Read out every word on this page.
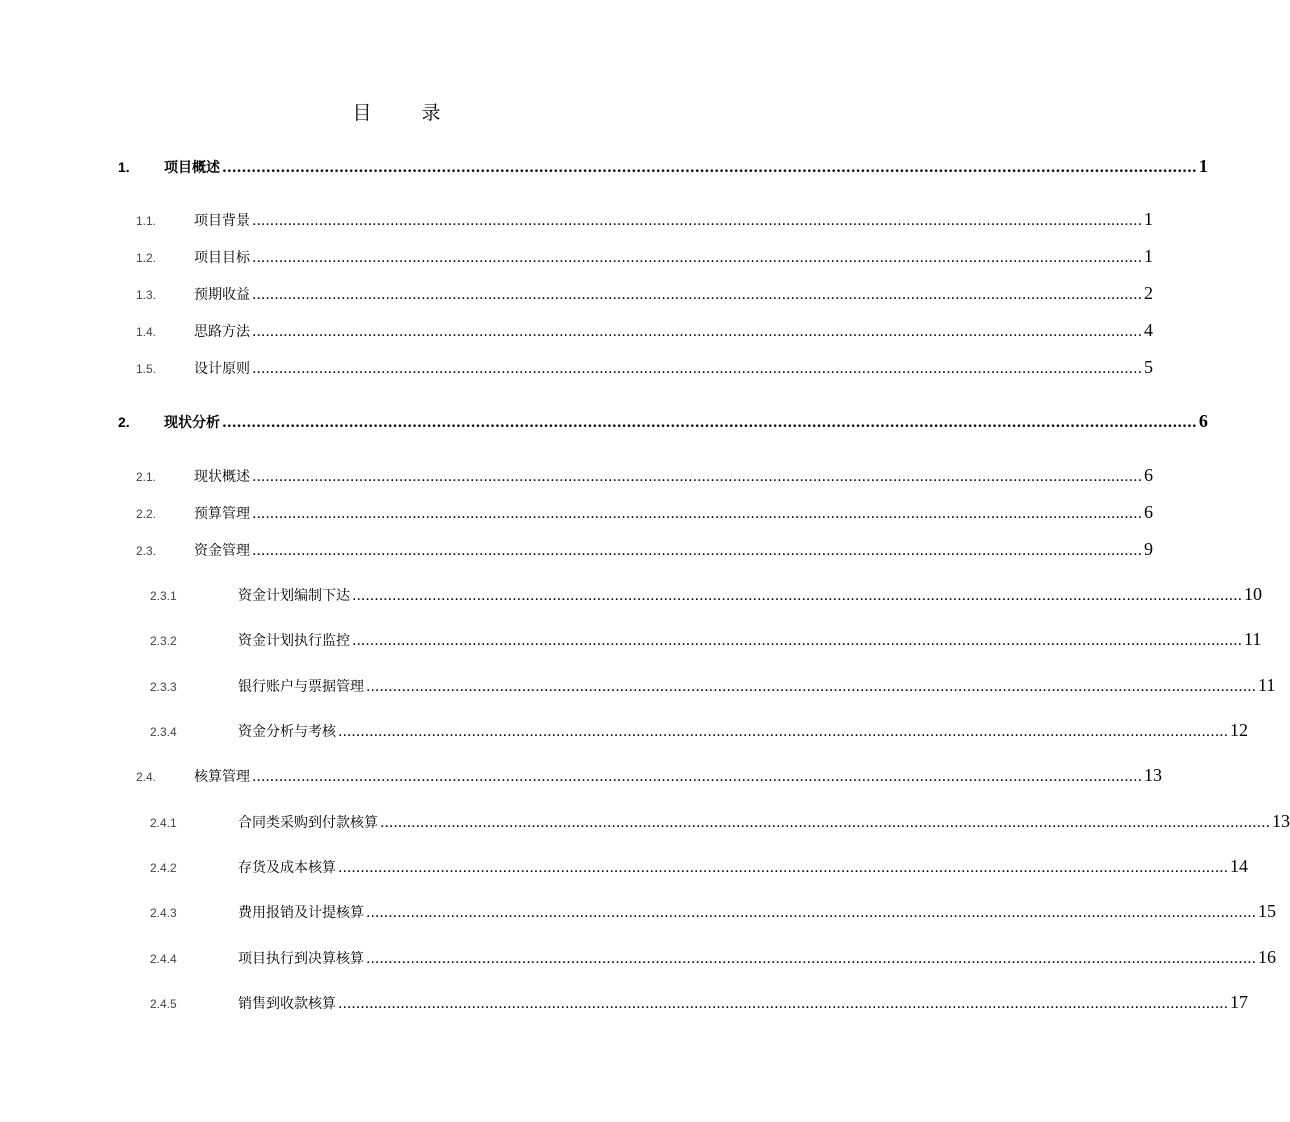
目 录
1.	项目概述 ........................................................................................................................................................................................................ 1
1.1.	项目背景 ........................................................................................................................................................................................................ 1
1.2.	项目目标 ........................................................................................................................................................................................................ 1
1.3.	预期收益 ........................................................................................................................................................................................................ 2
1.4.	思路方法 ........................................................................................................................................................................................................ 4
1.5.	设计原则 ........................................................................................................................................................................................................ 5
2.	现状分析 ........................................................................................................................................................................................................ 6
2.1.	现状概述 ........................................................................................................................................................................................................ 6
2.2.	预算管理 ........................................................................................................................................................................................................ 6
2.3.	资金管理 ........................................................................................................................................................................................................ 9
2.3.1	资金计划编制下达 ........................................................................................................................................................................................................ 10
2.3.2	资金计划执行监控 ........................................................................................................................................................................................................ 11
2.3.3	银行账户与票据管理 ........................................................................................................................................................................................................ 11
2.3.4	资金分析与考核 ........................................................................................................................................................................................................ 12
2.4.	核算管理 ........................................................................................................................................................................................................ 13
2.4.1	合同类采购到付款核算 ........................................................................................................................................................................................................ 13
2.4.2	存货及成本核算 ........................................................................................................................................................................................................ 14
2.4.3	费用报销及计提核算 ........................................................................................................................................................................................................ 15
2.4.4	项目执行到决算核算 ........................................................................................................................................................................................................ 16
2.4.5	销售到收款核算 ........................................................................................................................................................................................................ 17
